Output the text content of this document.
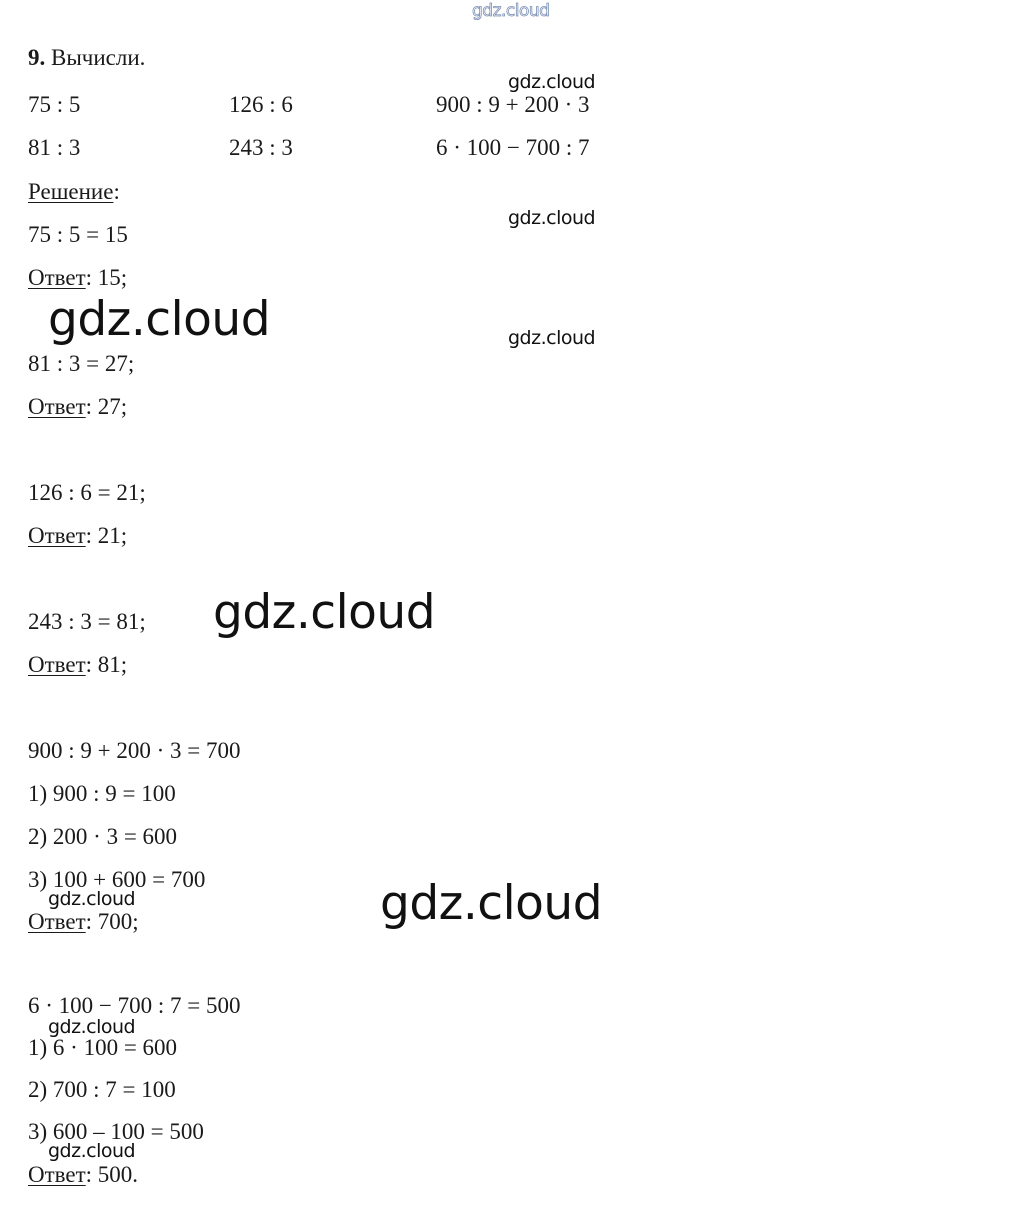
gdz.cloud
9. Вычисли.
75 : 5	126 : 6	900 : 9 + 200 · 3
81 : 3	243 : 3	6 · 100 − 700 : 7
Решение:
75 : 5 = 15
Ответ: 15;
81 : 3 = 27;
Ответ: 27;
126 : 6 = 21;
Ответ: 21;
243 : 3 = 81;
Ответ: 81;
900 : 9 + 200 · 3 = 700
1) 900 : 9 = 100
2) 200 · 3 = 600
3) 100 + 600 = 700
Ответ: 700;
6 · 100 − 700 : 7 = 500
1) 6 · 100 = 600
2) 700 : 7 = 100
3) 600 – 100 = 500
Ответ: 500.
gdz.cloud
gdz.cloud
gdz.cloud	gdz.cloud
gdz.cloud
gdz.cloud
gdz.cloud
gdz.cloud
gdz.cloud
